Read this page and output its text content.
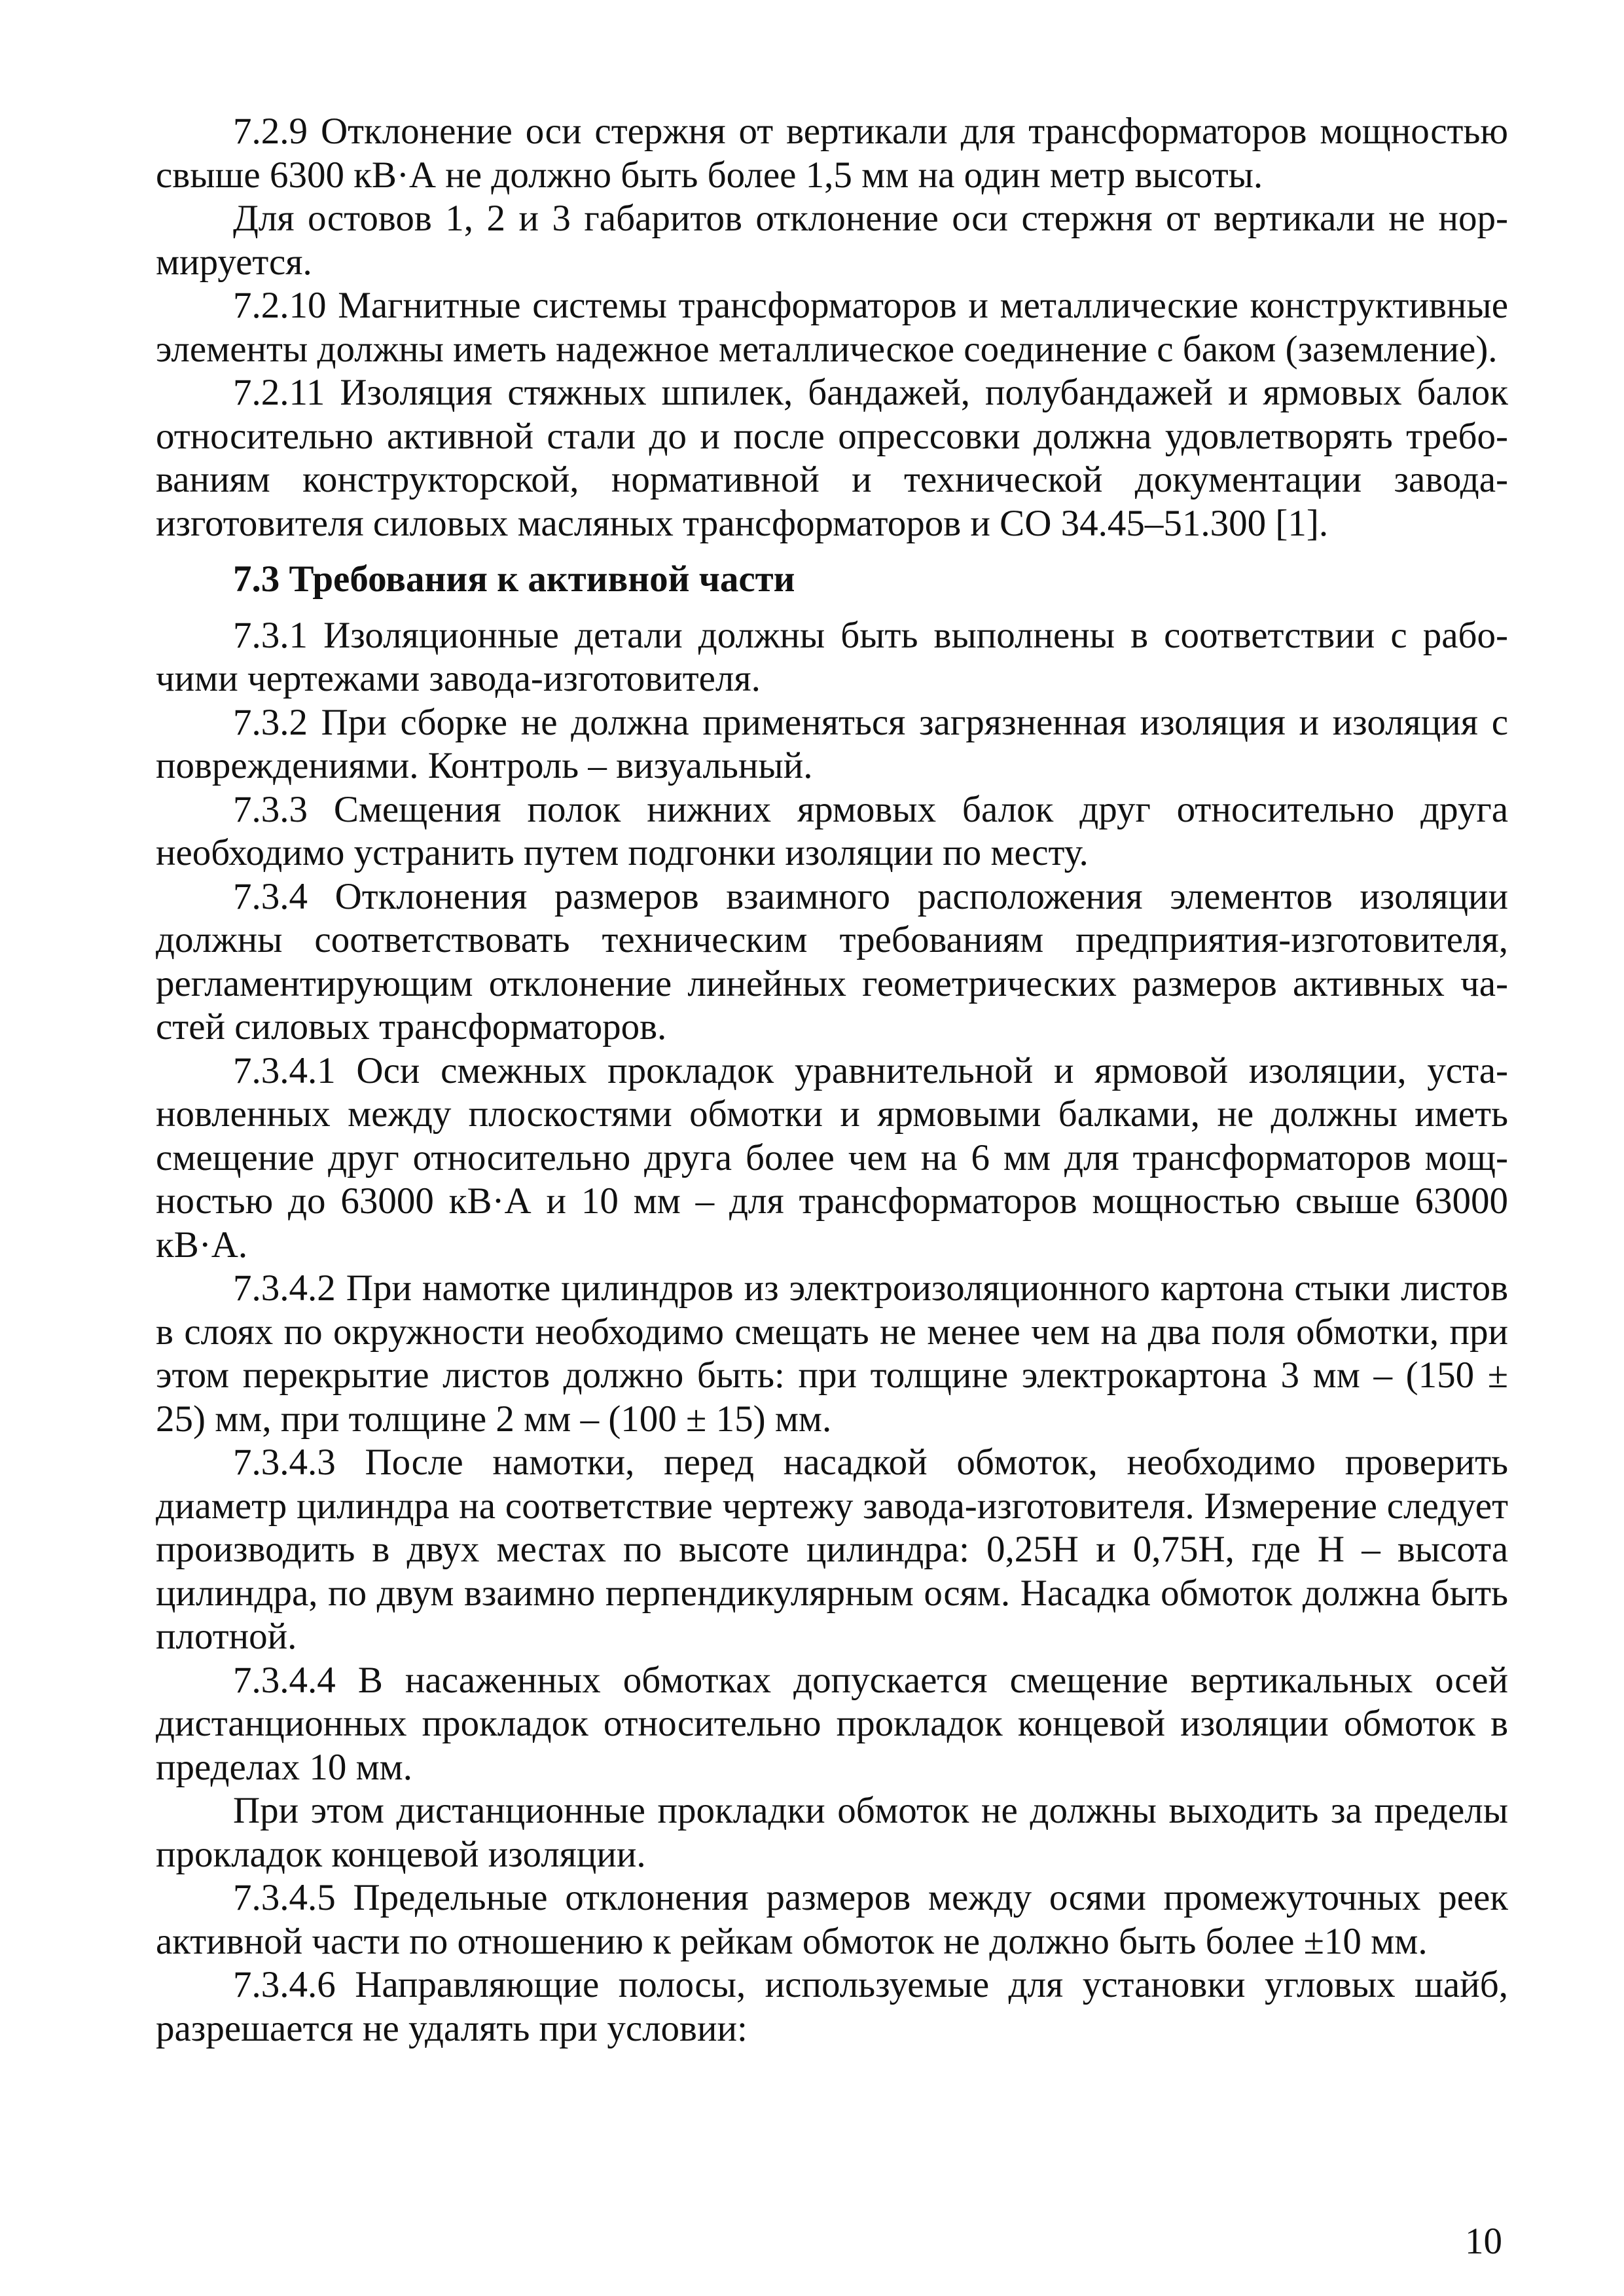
7.2.9 Отклонение оси стержня от вертикали для трансформаторов мощностью свыше 6300 кВ·А не должно быть более 1,5 мм на один метр высоты.

Для остовов 1, 2 и 3 габаритов отклонение оси стержня от вертикали не нормируется.

7.2.10 Магнитные системы трансформаторов и металлические конструктивные элементы должны иметь надежное металлическое соединение с баком (заземление).

7.2.11 Изоляция стяжных шпилек, бандажей, полубандажей и ярмовых балок относительно активной стали до и после опрессовки должна удовлетворять требованиям конструкторской, нормативной и технической документации завода-изготовителя силовых масляных трансформаторов и СО 34.45–51.300 [1].

7.3 Требования к активной части

7.3.1 Изоляционные детали должны быть выполнены в соответствии с рабочими чертежами завода-изготовителя.

7.3.2 При сборке не должна применяться загрязненная изоляция и изоляция с повреждениями. Контроль – визуальный.

7.3.3 Смещения полок нижних ярмовых балок друг относительно друга необходимо устранить путем подгонки изоляции по месту.

7.3.4 Отклонения размеров взаимного расположения элементов изоляции должны соответствовать техническим требованиям предприятия-изготовителя, регламентирующим отклонение линейных геометрических размеров активных частей силовых трансформаторов.

7.3.4.1 Оси смежных прокладок уравнительной и ярмовой изоляции, установленных между плоскостями обмотки и ярмовыми балками, не должны иметь смещение друг относительно друга более чем на 6 мм для трансформаторов мощностью до 63000 кВ·А и 10 мм – для трансформаторов мощностью свыше 63000 кВ·А.

7.3.4.2 При намотке цилиндров из электроизоляционного картона стыки листов в слоях по окружности необходимо смещать не менее чем на два поля обмотки, при этом перекрытие листов должно быть: при толщине электрокартона 3 мм – (150 ± 25) мм, при толщине 2 мм – (100 ± 15) мм.

7.3.4.3 После намотки, перед насадкой обмоток, необходимо проверить диаметр цилиндра на соответствие чертежу завода-изготовителя. Измерение следует производить в двух местах по высоте цилиндра: 0,25Н и 0,75Н, где Н – высота цилиндра, по двум взаимно перпендикулярным осям. Насадка обмоток должна быть плотной.

7.3.4.4 В насаженных обмотках допускается смещение вертикальных осей дистанционных прокладок относительно прокладок концевой изоляции обмоток в пределах 10 мм.

При этом дистанционные прокладки обмоток не должны выходить за пределы прокладок концевой изоляции.

7.3.4.5 Предельные отклонения размеров между осями промежуточных реек активной части по отношению к рейкам обмоток не должно быть более ±10 мм.

7.3.4.6 Направляющие полосы, используемые для установки угловых шайб, разрешается не удалять при условии:

10
